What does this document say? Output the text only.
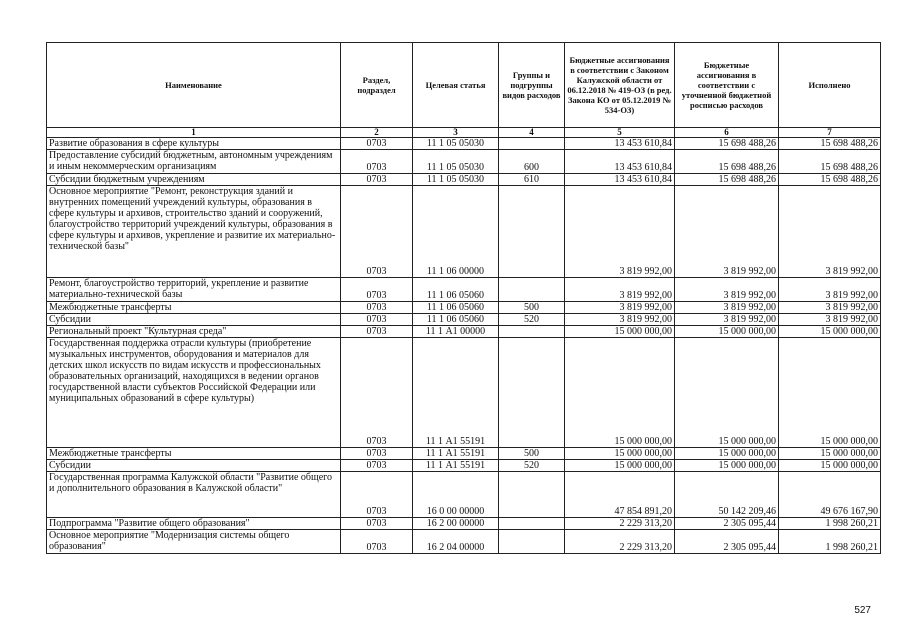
Наименование	Раздел, подраздел	Целевая статья	Группы и подгруппы видов расходов	Бюджетные ассигнования в соответствии с Законом Калужской области от 06.12.2018 № 419-ОЗ (в ред. Закона КО от 05.12.2019 № 534-ОЗ)	Бюджетные ассигнования в соответствии с уточненной бюджетной росписью расходов	Исполнено
1	2	3	4	5	6	7
Развитие образования в сфере культуры	0703	11 1 05 05030		13 453 610,84	15 698 488,26	15 698 488,26
Предоставление субсидий бюджетным, автономным учреждениям и иным некоммерческим организациям	0703	11 1 05 05030	600	13 453 610,84	15 698 488,26	15 698 488,26
Субсидии бюджетным учреждениям	0703	11 1 05 05030	610	13 453 610,84	15 698 488,26	15 698 488,26
Основное мероприятие "Ремонт, реконструкция зданий и внутренних помещений учреждений культуры, образования в сфере культуры и архивов, строительство зданий и сооружений, благоустройство территорий учреждений культуры, образования в сфере культуры и архивов, укрепление и развитие их материально-технической базы"	0703	11 1 06 00000		3 819 992,00	3 819 992,00	3 819 992,00
Ремонт, благоустройство территорий, укрепление и развитие материально-технической базы	0703	11 1 06 05060		3 819 992,00	3 819 992,00	3 819 992,00
Межбюджетные трансферты	0703	11 1 06 05060	500	3 819 992,00	3 819 992,00	3 819 992,00
Субсидии	0703	11 1 06 05060	520	3 819 992,00	3 819 992,00	3 819 992,00
Региональный проект "Культурная среда"	0703	11 1 А1 00000		15 000 000,00	15 000 000,00	15 000 000,00
Государственная поддержка отрасли культуры (приобретение музыкальных инструментов, оборудования и материалов для детских школ искусств по видам искусств и профессиональных образовательных организаций, находящихся в ведении органов государственной власти субъектов Российской Федерации или муниципальных образований в сфере культуры)	0703	11 1 А1 55191		15 000 000,00	15 000 000,00	15 000 000,00
Межбюджетные трансферты	0703	11 1 А1 55191	500	15 000 000,00	15 000 000,00	15 000 000,00
Субсидии	0703	11 1 А1 55191	520	15 000 000,00	15 000 000,00	15 000 000,00
Государственная программа Калужской области "Развитие общего и дополнительного образования в Калужской области"	0703	16 0 00 00000		47 854 891,20	50 142 209,46	49 676 167,90
Подпрограмма "Развитие общего образования"	0703	16 2 00 00000		2 229 313,20	2 305 095,44	1 998 260,21
Основное мероприятие "Модернизация системы общего образования"	0703	16 2 04 00000		2 229 313,20	2 305 095,44	1 998 260,21
527
